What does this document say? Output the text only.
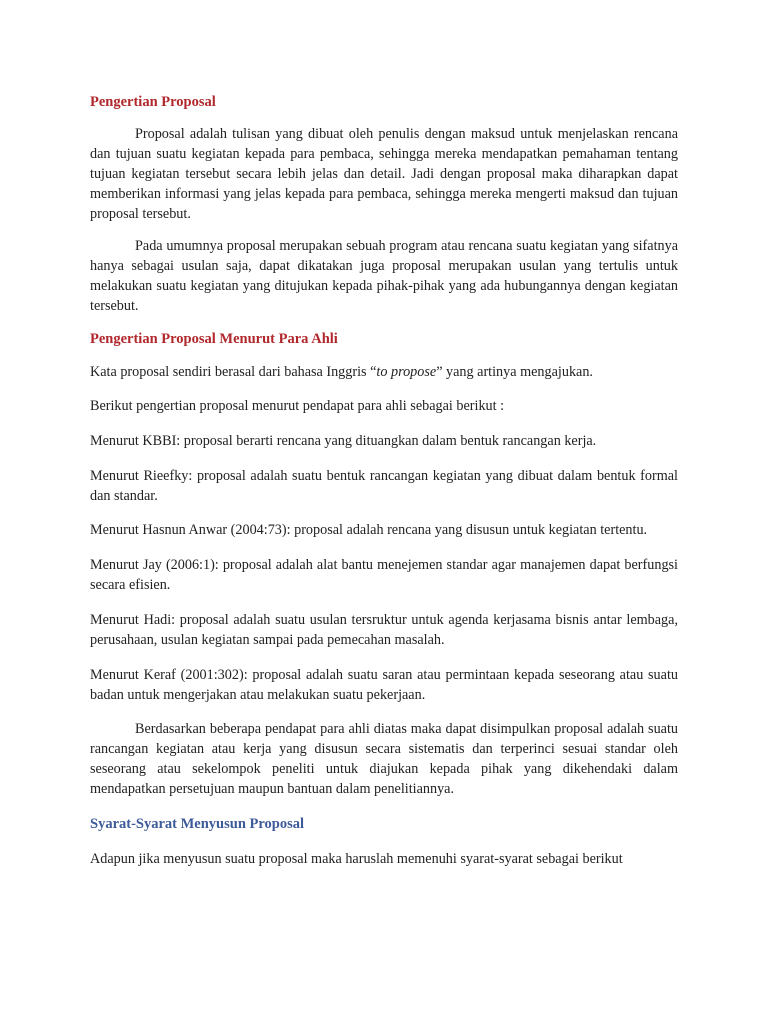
Pengertian Proposal

Proposal adalah tulisan yang dibuat oleh penulis dengan maksud untuk menjelaskan rencana dan tujuan suatu kegiatan kepada para pembaca, sehingga mereka mendapatkan pemahaman tentang tujuan kegiatan tersebut secara lebih jelas dan detail. Jadi dengan proposal maka diharapkan dapat memberikan informasi yang jelas kepada para pembaca, sehingga mereka mengerti maksud dan tujuan proposal tersebut.

Pada umumnya proposal merupakan sebuah program atau rencana suatu kegiatan yang sifatnya hanya sebagai usulan saja, dapat dikatakan juga proposal merupakan usulan yang tertulis untuk melakukan suatu kegiatan yang ditujukan kepada pihak-pihak yang ada hubungannya dengan kegiatan tersebut.

Pengertian Proposal Menurut Para Ahli

Kata proposal sendiri berasal dari bahasa Inggris “to propose” yang artinya mengajukan.

Berikut pengertian proposal menurut pendapat para ahli sebagai berikut :

Menurut KBBI: proposal berarti rencana yang dituangkan dalam bentuk rancangan kerja.

Menurut Rieefky: proposal adalah suatu bentuk rancangan kegiatan yang dibuat dalam bentuk formal dan standar.

Menurut Hasnun Anwar (2004:73): proposal adalah rencana yang disusun untuk kegiatan tertentu.

Menurut Jay (2006:1): proposal adalah alat bantu menejemen standar agar manajemen dapat berfungsi secara efisien.

Menurut Hadi: proposal adalah suatu usulan tersruktur untuk agenda kerjasama bisnis antar lembaga, perusahaan, usulan kegiatan sampai pada pemecahan masalah.

Menurut Keraf (2001:302): proposal adalah suatu saran atau permintaan kepada seseorang atau suatu badan untuk mengerjakan atau melakukan suatu pekerjaan.

Berdasarkan beberapa pendapat para ahli diatas maka dapat disimpulkan proposal adalah suatu rancangan kegiatan atau kerja yang disusun secara sistematis dan terperinci sesuai standar oleh seseorang atau sekelompok peneliti untuk diajukan kepada pihak yang dikehendaki dalam mendapatkan persetujuan maupun bantuan dalam penelitiannya.

Syarat-Syarat Menyusun Proposal

Adapun jika menyusun suatu proposal maka haruslah memenuhi syarat-syarat sebagai berikut
